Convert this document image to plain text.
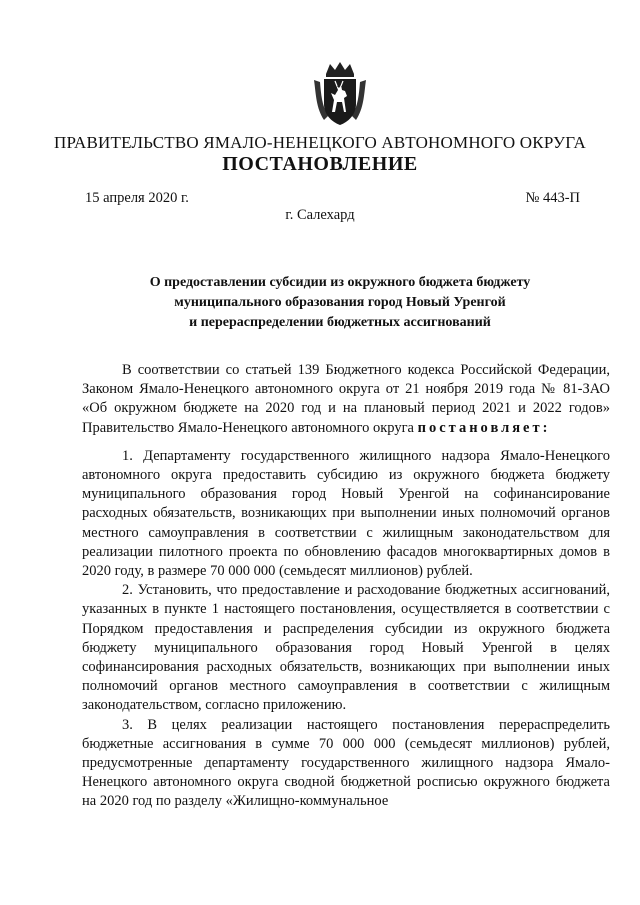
ПРАВИТЕЛЬСТВО ЯМАЛО-НЕНЕЦКОГО АВТОНОМНОГО ОКРУГА
ПОСТАНОВЛЕНИЕ
15 апреля 2020 г.	№ 443-П
г. Салехард
О предоставлении субсидии из окружного бюджета бюджету
муниципального образования город Новый Уренгой
и перераспределении бюджетных ассигнований

В соответствии со статьей 139 Бюджетного кодекса Российской Федерации, Законом Ямало-Ненецкого автономного округа от 21 ноября 2019 года № 81-ЗАО «Об окружном бюджете на 2020 год и на плановый период 2021 и 2022 годов» Правительство Ямало-Ненецкого автономного округа постановляет:

1. Департаменту государственного жилищного надзора Ямало-Ненецкого автономного округа предоставить субсидию из окружного бюджета бюджету муниципального образования город Новый Уренгой на софинансирование расходных обязательств, возникающих при выполнении иных полномочий органов местного самоуправления в соответствии с жилищным законодательством для реализации пилотного проекта по обновлению фасадов многоквартирных домов в 2020 году, в размере 70 000 000 (семьдесят миллионов) рублей.

2. Установить, что предоставление и расходование бюджетных ассигнований, указанных в пункте 1 настоящего постановления, осуществляется в соответствии с Порядком предоставления и распределения субсидии из окружного бюджета бюджету муниципального образования город Новый Уренгой в целях софинансирования расходных обязательств, возникающих при выполнении иных полномочий органов местного самоуправления в соответствии с жилищным законодательством, согласно приложению.

3. В целях реализации настоящего постановления перераспределить бюджетные ассигнования в сумме 70 000 000 (семьдесят миллионов) рублей, предусмотренные департаменту государственного жилищного надзора Ямало-Ненецкого автономного округа сводной бюджетной росписью окружного бюджета на 2020 год по разделу «Жилищно-коммунальное
